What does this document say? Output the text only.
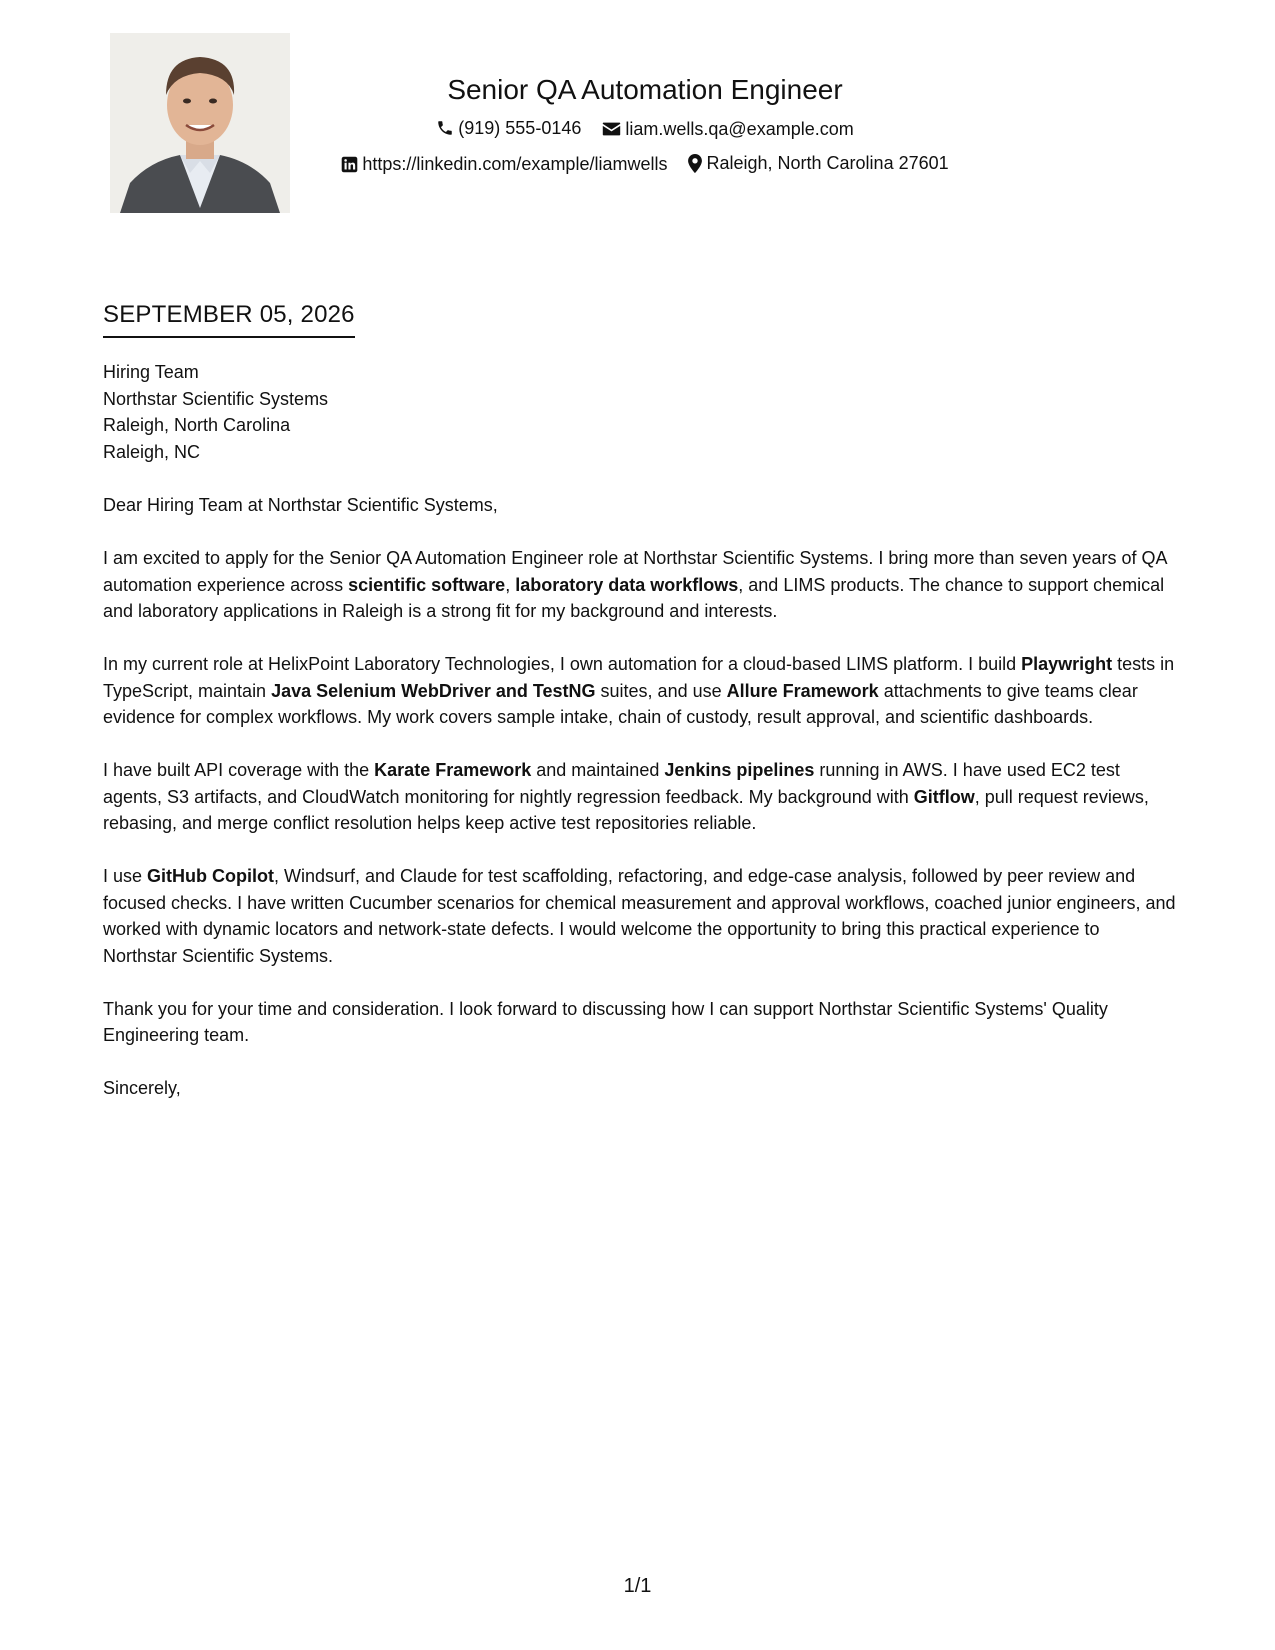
Senior QA Automation Engineer
(919) 555-0146
liam.wells.qa@example.com
https://linkedin.com/example/liamwells
Raleigh, North Carolina 27601
SEPTEMBER 05, 2026
Hiring Team
Northstar Scientific Systems
Raleigh, North Carolina
Raleigh, NC

Dear Hiring Team at Northstar Scientific Systems,

I am excited to apply for the Senior QA Automation Engineer role at Northstar Scientific Systems. I bring more than seven years of QA automation experience across scientific software, laboratory data workflows, and LIMS products. The chance to support chemical and laboratory applications in Raleigh is a strong fit for my background and interests.

In my current role at HelixPoint Laboratory Technologies, I own automation for a cloud-based LIMS platform. I build Playwright tests in TypeScript, maintain Java Selenium WebDriver and TestNG suites, and use Allure Framework attachments to give teams clear evidence for complex workflows. My work covers sample intake, chain of custody, result approval, and scientific dashboards.

I have built API coverage with the Karate Framework and maintained Jenkins pipelines running in AWS. I have used EC2 test agents, S3 artifacts, and CloudWatch monitoring for nightly regression feedback. My background with Gitflow, pull request reviews, rebasing, and merge conflict resolution helps keep active test repositories reliable.

I use GitHub Copilot, Windsurf, and Claude for test scaffolding, refactoring, and edge-case analysis, followed by peer review and focused checks. I have written Cucumber scenarios for chemical measurement and approval workflows, coached junior engineers, and worked with dynamic locators and network-state defects. I would welcome the opportunity to bring this practical experience to Northstar Scientific Systems.

Thank you for your time and consideration. I look forward to discussing how I can support Northstar Scientific Systems' Quality Engineering team.

Sincerely,

1/1
